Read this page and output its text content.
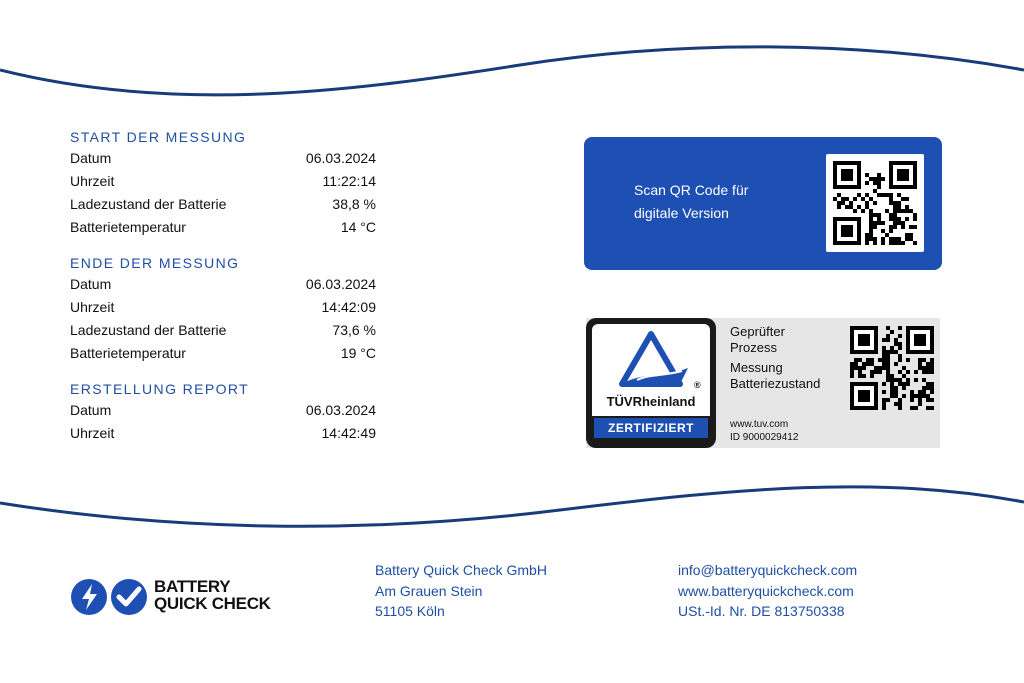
START DER MESSUNG
Datum	06.03.2024
Uhrzeit	11:22:14
Ladezustand der Batterie	38,8 %
Batterietemperatur	14 °C
ENDE DER MESSUNG
Datum	06.03.2024
Uhrzeit	14:42:09
Ladezustand der Batterie	73,6 %
Batterietemperatur	19 °C
ERSTELLUNG REPORT
Datum	06.03.2024
Uhrzeit	14:42:49
Scan QR Code für
digitale Version
TÜVRheinland
®
ZERTIFIZIERT
Geprüfter
Prozess
Messung
Batteriezustand
www.tuv.com
ID 9000029412
BATTERY
QUICK CHECK
Battery Quick Check GmbH
Am Grauen Stein
51105 Köln
info@batteryquickcheck.com
www.batteryquickcheck.com
USt.-Id. Nr. DE 813750338
